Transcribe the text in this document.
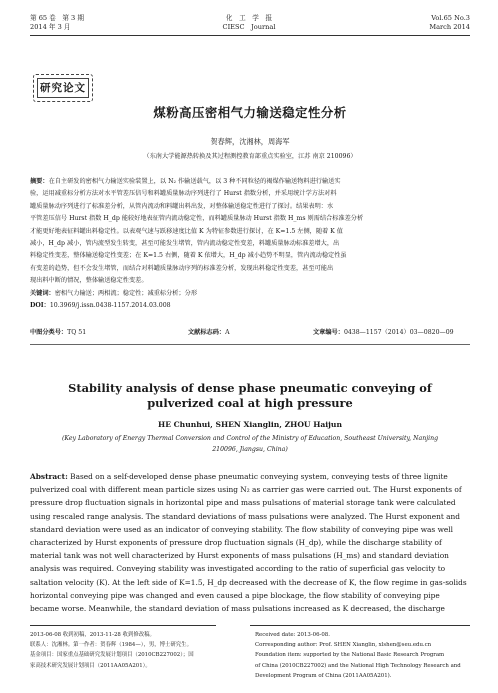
第 65 卷　第 3 期
2014 年 3 月
化　工　学　报
CIESC　Journal
Vol.65 No.3
March 2014
研究论文
煤粉高压密相气力输送稳定性分析
贺春辉，沈湘林，周海军
（东南大学能源热转换及其过程测控教育部重点实验室，江苏 南京 210096）
摘要：在自主研发的密相气力输送实验装置上，以 N₂ 作输送载气，以 3 种不同粒径的褐煤作输送物料进行输送实
验，运用减重标分析方法对水平管差压信号和料罐质量脉动序列进行了 Hurst 指数分析，并采用统计学方法对料
罐质量脉动序列进行了标准差分析，从管内流动和料罐出料出发，对整体输送稳定性进行了探讨。结果表明：水
平管差压信号 Hurst 指数 H_dp 能较好地表征管内流动稳定性，而料罐质量脉动 Hurst 指数 H_ms 则需结合标准差分析
才能更好地表征料罐出料稳定性。以表观气速与跃移速度比值 K 为特征参数进行探讨，在 K=1.5 左侧，随着 K 值
减小，H_dp 减小，管内流型发生转变，甚至可能发生堵管，管内流动稳定性变差，料罐质量脉动标准差增大，出
料稳定性变差，整体输送稳定性变差；在 K=1.5 右侧，随着 K 依增大，H_dp 减小趋势不明显，管内流动稳定性虽
有变差的趋势，但不会发生堵管，而结合对料罐质量脉动序列的标准差分析，发现出料稳定性变差，甚至可能出
现出料中断的情况，整体输送稳定性变差。
关键词：密相气力输送；两相流；稳定性；减重标分析；分形
DOI：10.3969/j.issn.0438-1157.2014.03.008
中图分类号：TQ 51	文献标志码：A	文章编号：0438—1157（2014）03—0820—09
Stability analysis of dense phase pneumatic conveying of pulverized coal at high pressure
HE Chunhui, SHEN Xianglin, ZHOU Haijun
(Key Laboratory of Energy Thermal Conversion and Control of the Ministry of Education, Southeast University, Nanjing
210096, Jiangsu, China)
Abstract: Based on a self-developed dense phase pneumatic conveying system, conveying tests of three lignite
pulverized coal with different mean particle sizes using N₂ as carrier gas were carried out. The Hurst exponents of
pressure drop fluctuation signals in horizontal pipe and mass pulsations of material storage tank were calculated
using rescaled range analysis. The standard deviations of mass pulsations were analyzed. The Hurst exponent and
standard deviation were used as an indicator of conveying stability. The flow stability of conveying pipe was well
characterized by Hurst exponents of pressure drop fluctuation signals (H_dp), while the discharge stability of
material tank was not well characterized by Hurst exponents of mass pulsations (H_ms) and standard deviation
analysis was required. Conveying stability was investigated according to the ratio of superficial gas velocity to
saltation velocity (K). At the left side of K=1.5, H_dp decreased with the decrease of K, the flow regime in gas-solids
horizontal conveying pipe was changed and even caused a pipe blockage, the flow stability of conveying pipe
became worse. Meanwhile, the standard deviation of mass pulsations increased as K decreased, the discharge
2013-06-08 收到初稿，2013-11-28 收到修改稿。
联系人：沈湘林。第一作者：贺春辉（1984—），男，博士研究生。
基金项目：国家重点基础研究发展计划项目（2010CB227002）；国
家高技术研究发展计划项目（2011AA05A201）。
Received date: 2013-06-08.
Corresponding author: Prof. SHEN Xianglin, xlshen@seu.edu.cn
Foundation item: supported by the National Basic Research Program
of China (2010CB227002) and the National High Technology Research and
Development Program of China (2011AA05A201).
